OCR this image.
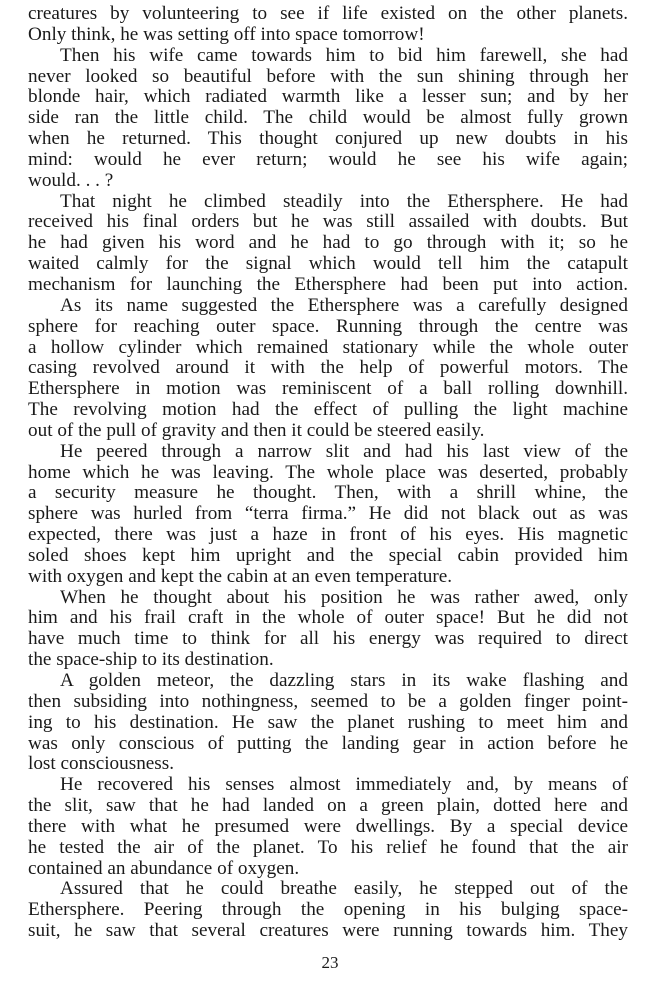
creatures by volunteering to see if life existed on the other planets.
Only think, he was setting off into space tomorrow!
Then his wife came towards him to bid him farewell, she had
never looked so beautiful before with the sun shining through her
blonde hair, which radiated warmth like a lesser sun; and by her
side ran the little child. The child would be almost fully grown
when he returned. This thought conjured up new doubts in his
mind: would he ever return; would he see his wife again;
would. . . ?
That night he climbed steadily into the Ethersphere. He had
received his final orders but he was still assailed with doubts. But
he had given his word and he had to go through with it; so he
waited calmly for the signal which would tell him the catapult
mechanism for launching the Ethersphere had been put into action.
As its name suggested the Ethersphere was a carefully designed
sphere for reaching outer space. Running through the centre was
a hollow cylinder which remained stationary while the whole outer
casing revolved around it with the help of powerful motors. The
Ethersphere in motion was reminiscent of a ball rolling downhill.
The revolving motion had the effect of pulling the light machine
out of the pull of gravity and then it could be steered easily.
He peered through a narrow slit and had his last view of the
home which he was leaving. The whole place was deserted, probably
a security measure he thought. Then, with a shrill whine, the
sphere was hurled from “terra firma.” He did not black out as was
expected, there was just a haze in front of his eyes. His magnetic
soled shoes kept him upright and the special cabin provided him
with oxygen and kept the cabin at an even temperature.
When he thought about his position he was rather awed, only
him and his frail craft in the whole of outer space! But he did not
have much time to think for all his energy was required to direct
the space-ship to its destination.
A golden meteor, the dazzling stars in its wake flashing and
then subsiding into nothingness, seemed to be a golden finger point-
ing to his destination. He saw the planet rushing to meet him and
was only conscious of putting the landing gear in action before he
lost consciousness.
He recovered his senses almost immediately and, by means of
the slit, saw that he had landed on a green plain, dotted here and
there with what he presumed were dwellings. By a special device
he tested the air of the planet. To his relief he found that the air
contained an abundance of oxygen.
Assured that he could breathe easily, he stepped out of the
Ethersphere. Peering through the opening in his bulging space-
suit, he saw that several creatures were running towards him. They
23
